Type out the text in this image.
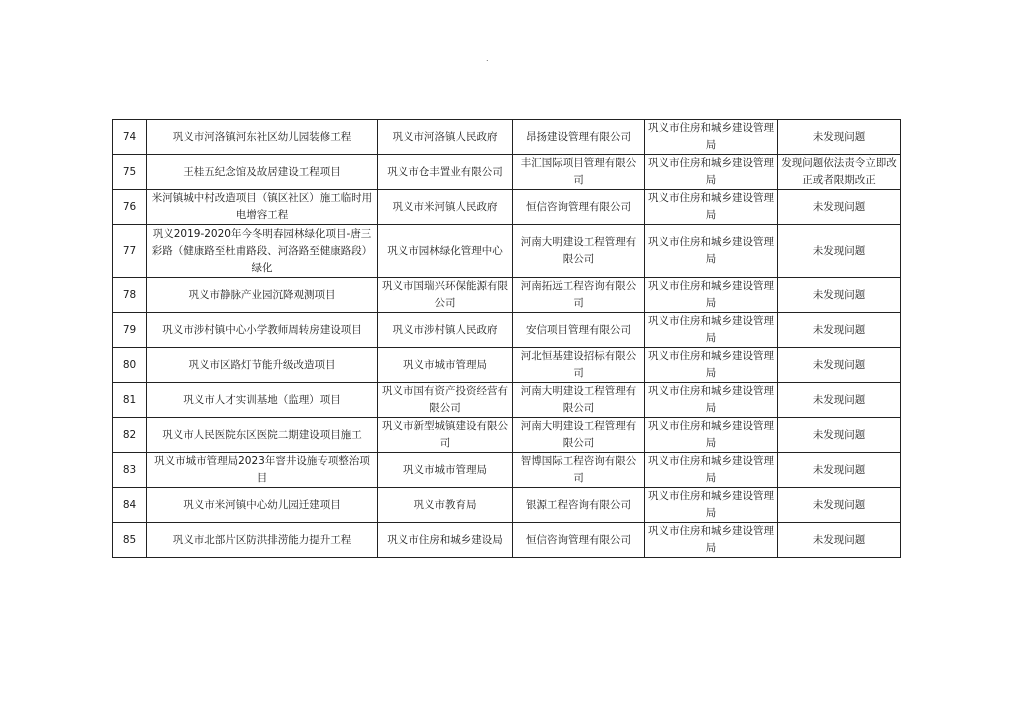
.
74	巩义市河洛镇河东社区幼儿园装修工程	巩义市河洛镇人民政府	昂扬建设管理有限公司	巩义市住房和城乡建设管理局	未发现问题
75	王桂五纪念馆及故居建设工程项目	巩义市仓丰置业有限公司	丰汇国际项目管理有限公司	巩义市住房和城乡建设管理局	发现问题依法责令立即改正或者限期改正
76	米河镇城中村改造项目（镇区社区）施工临时用电增容工程	巩义市米河镇人民政府	恒信咨询管理有限公司	巩义市住房和城乡建设管理局	未发现问题
77	巩义2019-2020年今冬明春园林绿化项目-唐三彩路（健康路至杜甫路段、河洛路至健康路段）绿化	巩义市园林绿化管理中心	河南大明建设工程管理有限公司	巩义市住房和城乡建设管理局	未发现问题
78	巩义市静脉产业园沉降观测项目	巩义市国瑞兴环保能源有限公司	河南拓远工程咨询有限公司	巩义市住房和城乡建设管理局	未发现问题
79	巩义市涉村镇中心小学教师周转房建设项目	巩义市涉村镇人民政府	安信项目管理有限公司	巩义市住房和城乡建设管理局	未发现问题
80	巩义市区路灯节能升级改造项目	巩义市城市管理局	河北恒基建设招标有限公司	巩义市住房和城乡建设管理局	未发现问题
81	巩义市人才实训基地（监理）项目	巩义市国有资产投资经营有限公司	河南大明建设工程管理有限公司	巩义市住房和城乡建设管理局	未发现问题
82	巩义市人民医院东区医院二期建设项目施工	巩义市新型城镇建设有限公司	河南大明建设工程管理有限公司	巩义市住房和城乡建设管理局	未发现问题
83	巩义市城市管理局2023年窨井设施专项整治项目	巩义市城市管理局	智博国际工程咨询有限公司	巩义市住房和城乡建设管理局	未发现问题
84	巩义市米河镇中心幼儿园迁建项目	巩义市教育局	银源工程咨询有限公司	巩义市住房和城乡建设管理局	未发现问题
85	巩义市北部片区防洪排涝能力提升工程	巩义市住房和城乡建设局	恒信咨询管理有限公司	巩义市住房和城乡建设管理局	未发现问题
